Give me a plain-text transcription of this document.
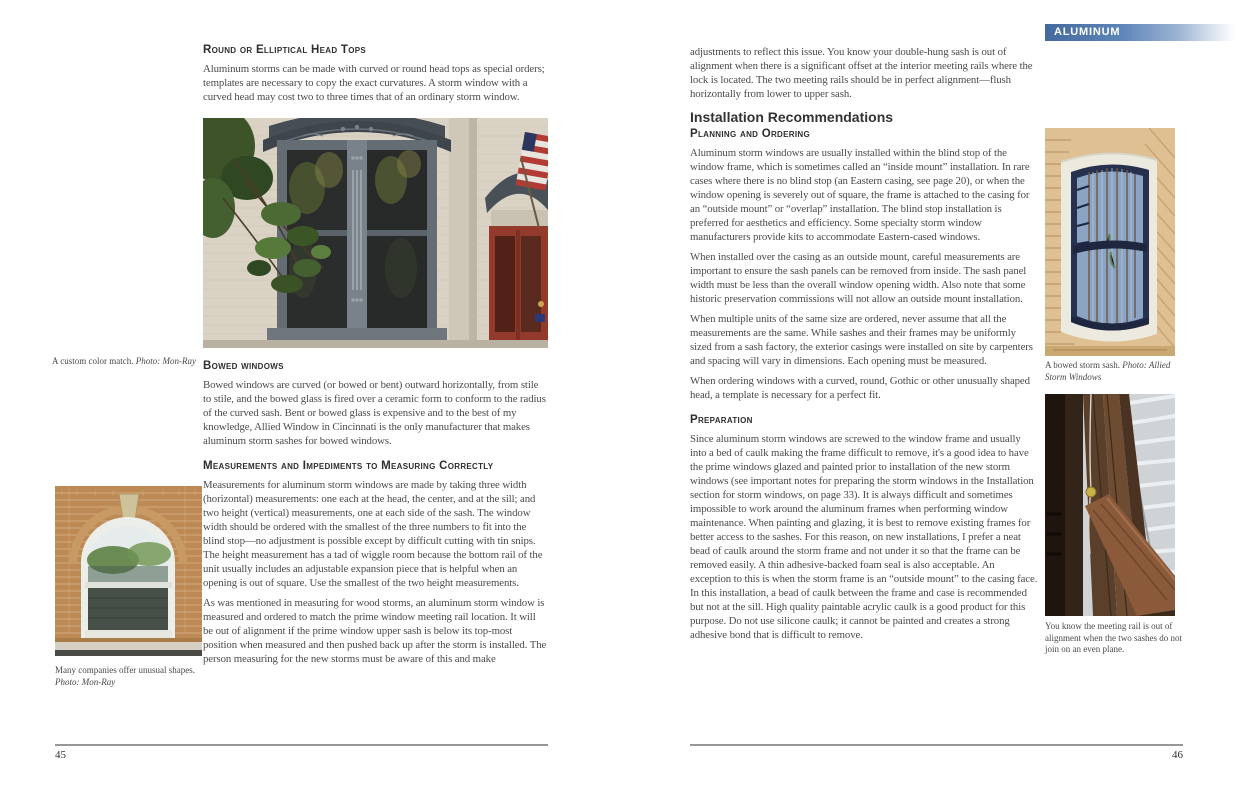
ALUMINUM
Round or Elliptical Head Tops

Aluminum storms can be made with curved or round head tops as special orders; templates are necessary to copy the exact curvatures. A storm window with a curved head may cost two to three times that of an ordinary storm window.

Bowed windows

Bowed windows are curved (or bowed or bent) outward horizontally, from stile to stile, and the bowed glass is fired over a ceramic form to conform to the radius of the curved sash. Bent or bowed glass is expensive and to the best of my knowledge, Allied Window in Cincinnati is the only manufacturer that makes aluminum storm sashes for bowed windows.

Measurements and Impediments to Measuring Correctly

Measurements for aluminum storm windows are made by taking three width (horizontal) measurements: one each at the head, the center, and at the sill; and two height (vertical) measurements, one at each side of the sash. The window width should be ordered with the smallest of the three numbers to fit into the blind stop—no adjustment is possible except by difficult cutting with tin snips. The height measurement has a tad of wiggle room because the bottom rail of the unit usually includes an adjustable expansion piece that is helpful when an opening is out of square. Use the smallest of the two height measurements.

As was mentioned in measuring for wood storms, an aluminum storm window is measured and ordered to match the prime window meeting rail location. It will be out of alignment if the prime window upper sash is below its top-most position when measured and then pushed back up after the storm is installed. The person measuring for the new storms must be aware of this and make

A custom color match. Photo: Mon-Ray
Many companies offer unusual shapes.
Photo: Mon-Ray

adjustments to reflect this issue. You know your double-hung sash is out of alignment when there is a significant offset at the interior meeting rails where the lock is located. The two meeting rails should be in perfect alignment—flush horizontally from lower to upper sash.

Installation Recommendations
Planning and Ordering

Aluminum storm windows are usually installed within the blind stop of the window frame, which is sometimes called an “inside mount” installation. In rare cases where there is no blind stop (an Eastern casing, see page 20), or when the window opening is severely out of square, the frame is attached to the casing for an “outside mount” or “overlap” installation. The blind stop installation is preferred for aesthetics and efficiency. Some specialty storm window manufacturers provide kits to accommodate Eastern-cased windows.

When installed over the casing as an outside mount, careful measurements are important to ensure the sash panels can be removed from inside. The sash panel width must be less than the overall window opening width. Also note that some historic preservation commissions will not allow an outside mount installation.

When multiple units of the same size are ordered, never assume that all the measurements are the same. While sashes and their frames may be uniformly sized from a sash factory, the exterior casings were installed on site by carpenters and spacing will vary in dimensions. Each opening must be measured.

When ordering windows with a curved, round, Gothic or other unusually shaped head, a template is necessary for a perfect fit.

Preparation

Since aluminum storm windows are screwed to the window frame and usually into a bed of caulk making the frame difficult to remove, it's a good idea to have the prime windows glazed and painted prior to installation of the new storm windows (see important notes for preparing the storm windows in the Installation section for storm windows, on page 33). It is always difficult and sometimes impossible to work around the aluminum frames when performing window maintenance. When painting and glazing, it is best to remove existing frames for better access to the sashes. For this reason, on new installations, I prefer a neat bead of caulk around the storm frame and not under it so that the frame can be removed easily. A thin adhesive-backed foam seal is also acceptable. An exception to this is when the storm frame is an “outside mount” to the casing face. In this installation, a bead of caulk between the frame and case is recommended but not at the sill. High quality paintable acrylic caulk is a good product for this purpose. Do not use silicone caulk; it cannot be painted and creates a strong adhesive bond that is difficult to remove.

A bowed storm sash. Photo: Allied Storm Windows
You know the meeting rail is out of alignment when the two sashes do not join on an even plane.
45	46
